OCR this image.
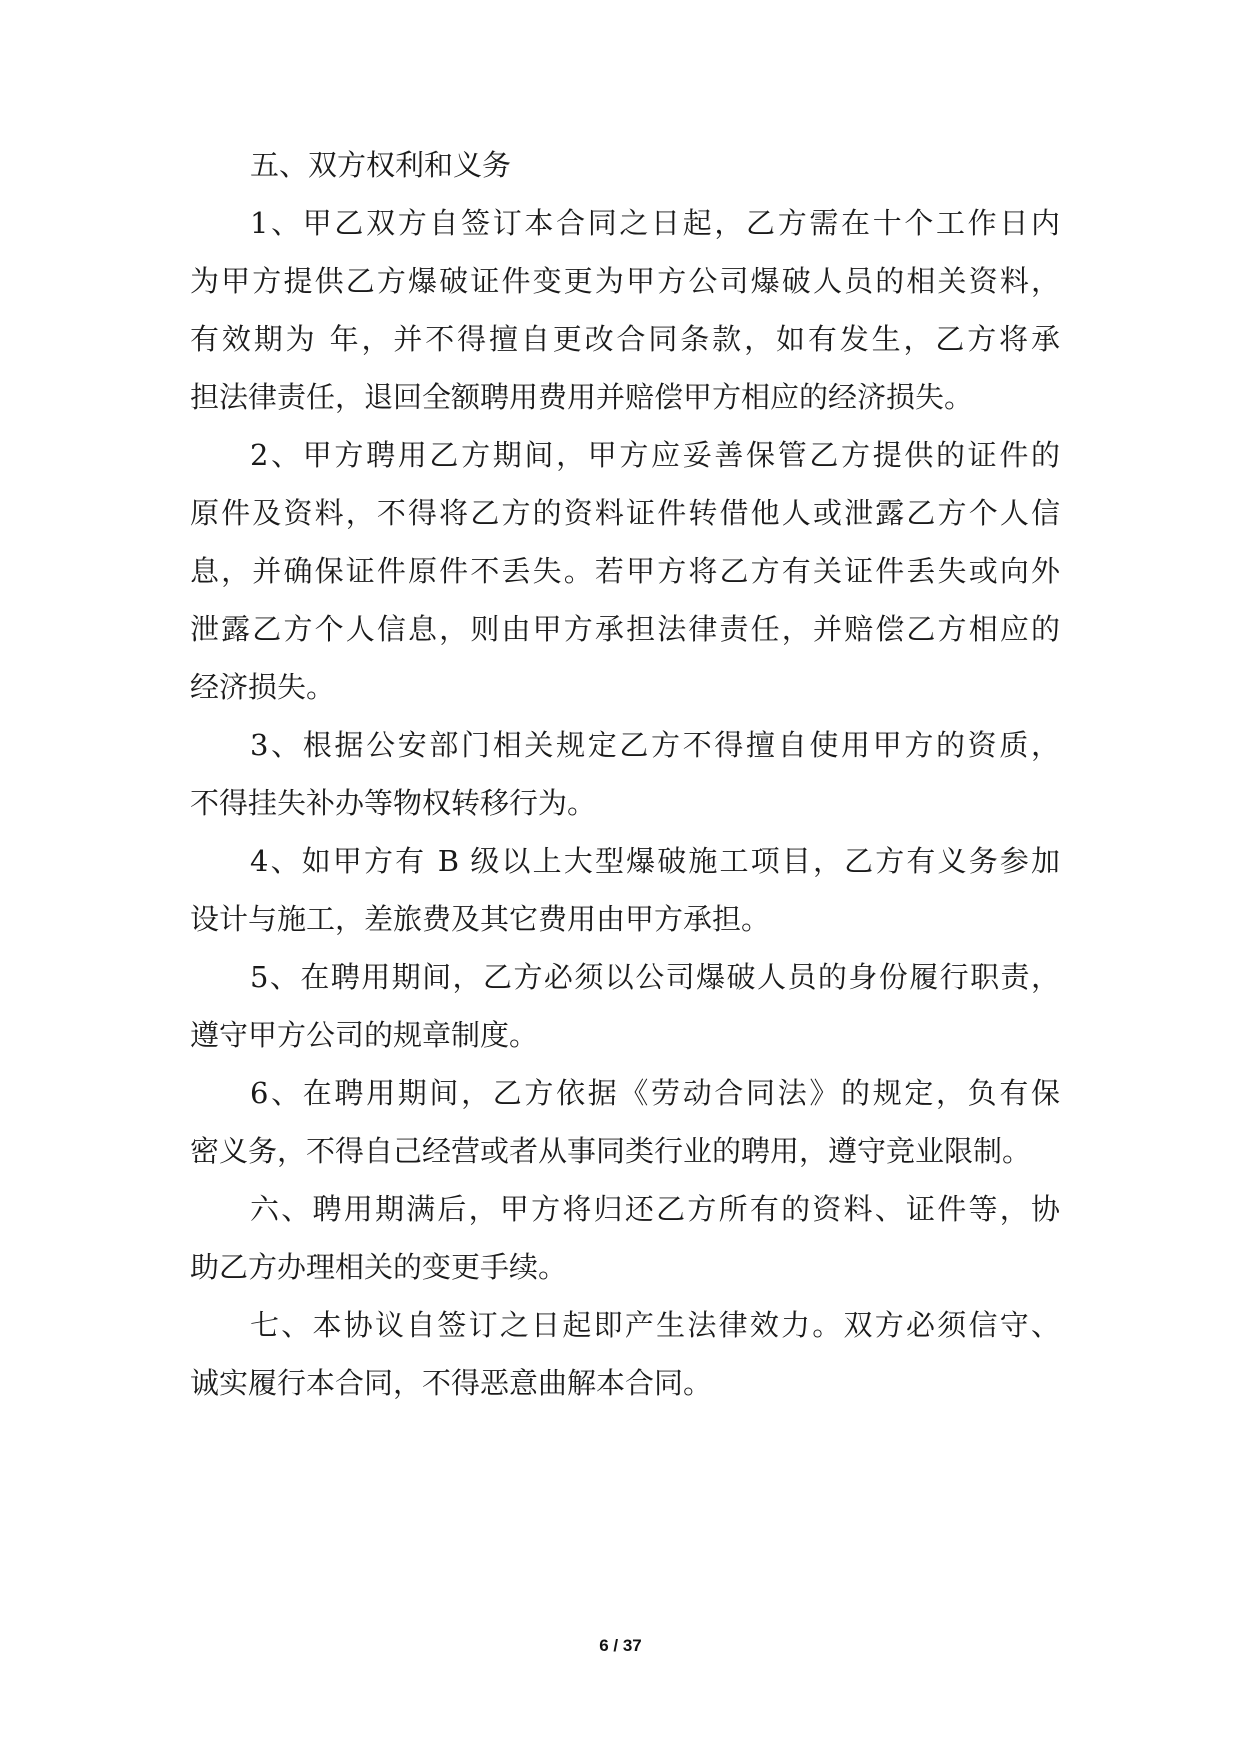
五、双方权利和义务
1、甲乙双方自签订本合同之日起，乙方需在十个工作日内
为甲方提供乙方爆破证件变更为甲方公司爆破人员的相关资料，
有效期为 年，并不得擅自更改合同条款，如有发生，乙方将承
担法律责任，退回全额聘用费用并赔偿甲方相应的经济损失。
2、甲方聘用乙方期间，甲方应妥善保管乙方提供的证件的
原件及资料，不得将乙方的资料证件转借他人或泄露乙方个人信
息，并确保证件原件不丢失。若甲方将乙方有关证件丢失或向外
泄露乙方个人信息，则由甲方承担法律责任，并赔偿乙方相应的
经济损失。
3、根据公安部门相关规定乙方不得擅自使用甲方的资质，
不得挂失补办等物权转移行为。
4、如甲方有 B 级以上大型爆破施工项目，乙方有义务参加
设计与施工，差旅费及其它费用由甲方承担。
5、在聘用期间，乙方必须以公司爆破人员的身份履行职责，
遵守甲方公司的规章制度。
6、在聘用期间，乙方依据《劳动合同法》的规定，负有保
密义务，不得自己经营或者从事同类行业的聘用，遵守竞业限制。
六、聘用期满后，甲方将归还乙方所有的资料、证件等，协
助乙方办理相关的变更手续。
七、本协议自签订之日起即产生法律效力。双方必须信守、
诚实履行本合同，不得恶意曲解本合同。
6 / 37
